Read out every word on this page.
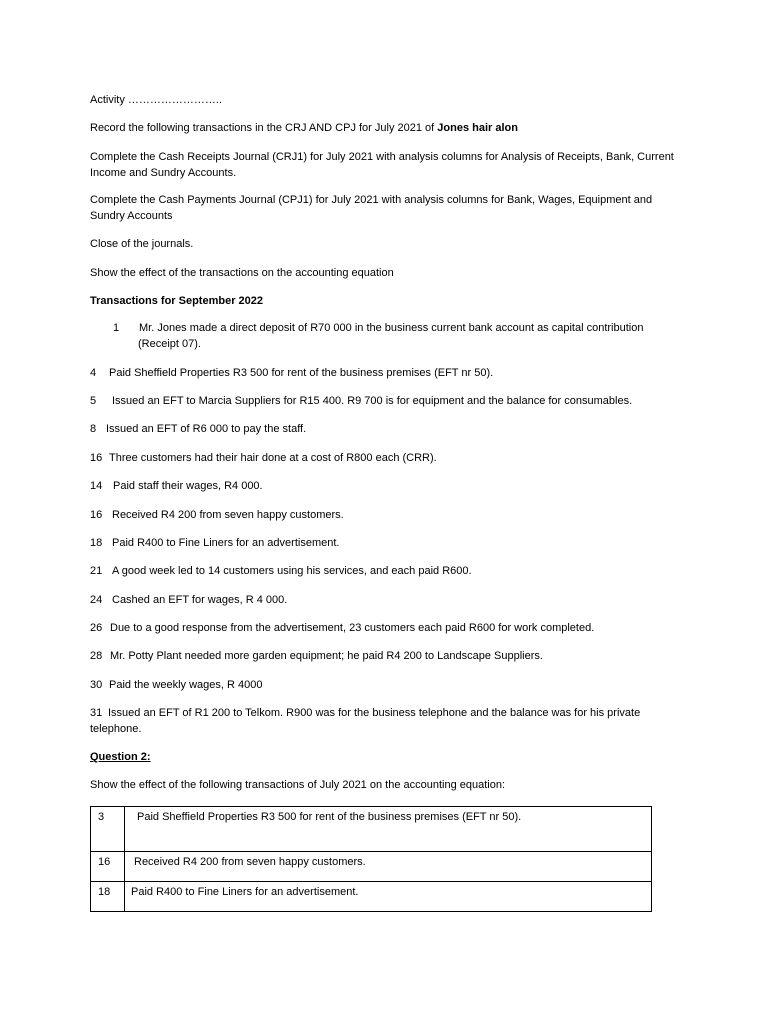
Activity ……………………..

Record the following transactions in the CRJ AND CPJ for July 2021 of Jones hair alon

Complete the Cash Receipts Journal (CRJ1) for July 2021 with analysis columns for Analysis of Receipts, Bank, Current Income and Sundry Accounts.

Complete the Cash Payments Journal (CPJ1) for July 2021 with analysis columns for Bank, Wages, Equipment and Sundry Accounts

Close of the journals.

Show the effect of the transactions on the accounting equation

Transactions for September 2022

1 Mr. Jones made a direct deposit of R70 000 in the business current bank account as capital contribution
(Receipt 07).
4 Paid Sheffield Properties R3 500 for rent of the business premises (EFT nr 50).
5 Issued an EFT to Marcia Suppliers for R15 400. R9 700 is for equipment and the balance for consumables.
8 Issued an EFT of R6 000 to pay the staff.
16 Three customers had their hair done at a cost of R800 each (CRR).
14 Paid staff their wages, R4 000.
16 Received R4 200 from seven happy customers.
18 Paid R400 to Fine Liners for an advertisement.
21 A good week led to 14 customers using his services, and each paid R600.
24 Cashed an EFT for wages, R 4 000.
26 Due to a good response from the advertisement, 23 customers each paid R600 for work completed.
28 Mr. Potty Plant needed more garden equipment; he paid R4 200 to Landscape Suppliers.
30 Paid the weekly wages, R 4000
31 Issued an EFT of R1 200 to Telkom. R900 was for the business telephone and the balance was for his private telephone.

Question 2:

Show the effect of the following transactions of July 2021 on the accounting equation:

3	Paid Sheffield Properties R3 500 for rent of the business premises (EFT nr 50).
16	Received R4 200 from seven happy customers.
18	Paid R400 to Fine Liners for an advertisement.
